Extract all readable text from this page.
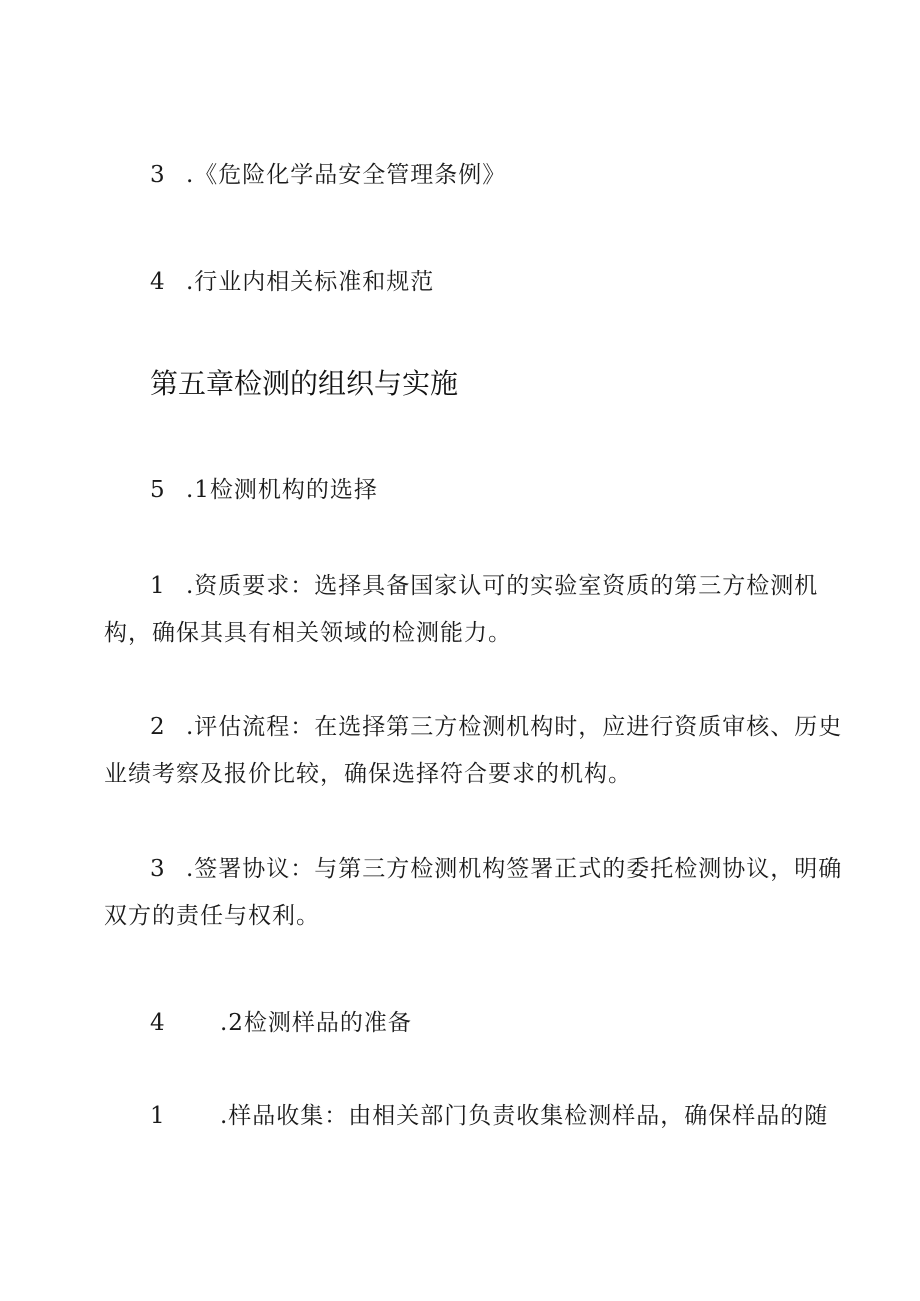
3 .《危险化学品安全管理条例》
4 .行业内相关标准和规范
第五章检测的组织与实施
5 .1检测机构的选择
1 .资质要求：选择具备国家认可的实验室资质的第三方检测机
构，确保其具有相关领域的检测能力。
2 .评估流程：在选择第三方检测机构时，应进行资质审核、历史
业绩考察及报价比较，确保选择符合要求的机构。
3 .签署协议：与第三方检测机构签署正式的委托检测协议，明确
双方的责任与权利。
4 .2检测样品的准备
1 .样品收集：由相关部门负责收集检测样品，确保样品的随
